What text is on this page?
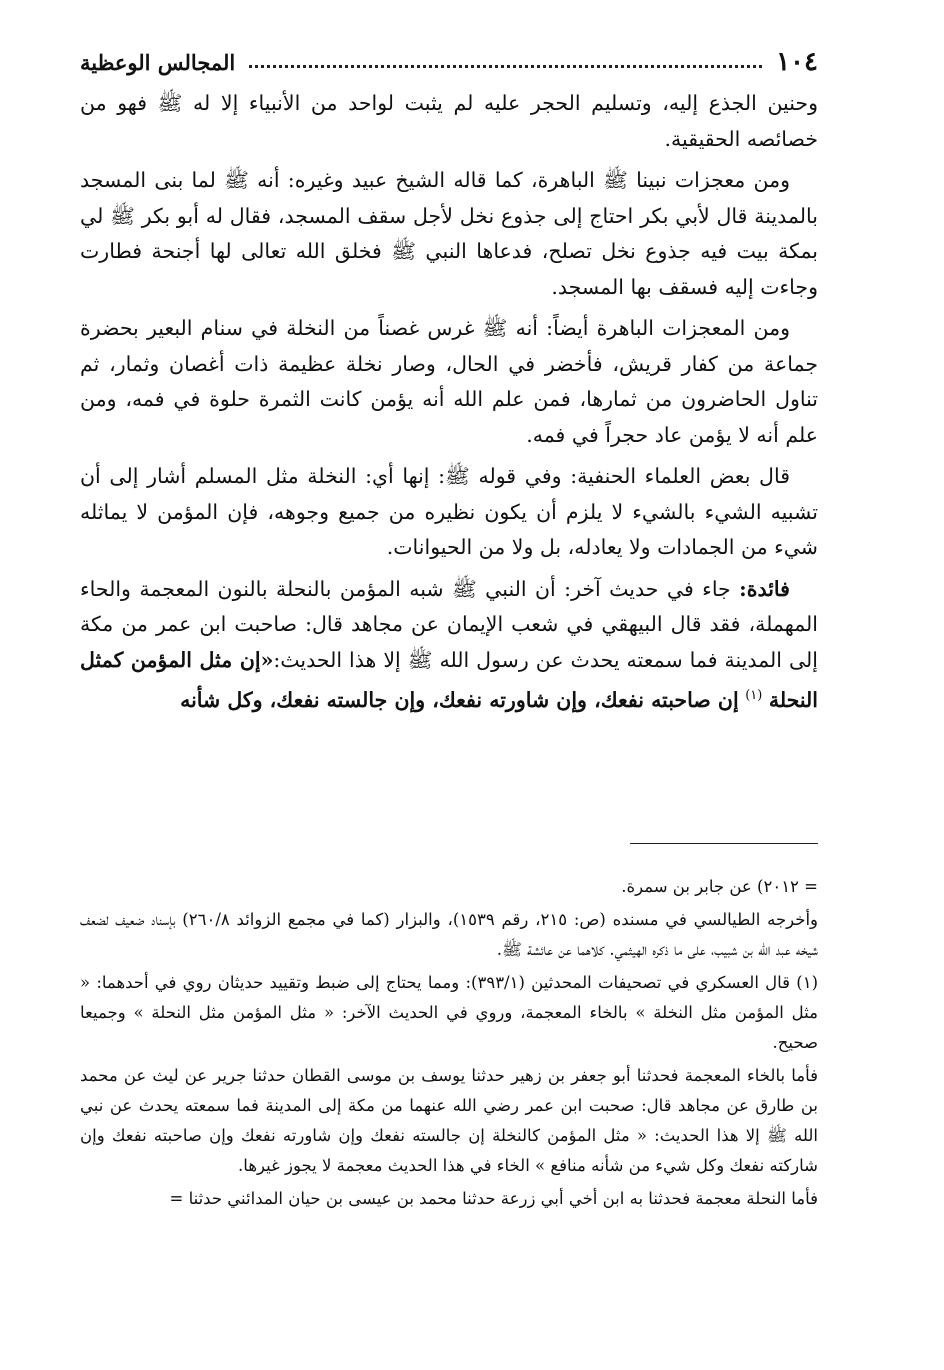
١٠٤
المجالس الوعظية

وحنين الجذع إليه، وتسليم الحجر عليه لم يثبت لواحد من الأنبياء إلا له ﷺ فهو من خصائصه الحقيقية.

ومن معجزات نبينا ﷺ الباهرة، كما قاله الشيخ عبيد وغيره: أنه ﷺ لما بنى المسجد بالمدينة قال لأبي بكر احتاج إلى جذوع نخل لأجل سقف المسجد، فقال له أبو بكر ﷺ لي بمكة بيت فيه جذوع نخل تصلح، فدعاها النبي ﷺ فخلق الله تعالى لها أجنحة فطارت وجاءت إليه فسقف بها المسجد.

ومن المعجزات الباهرة أيضاً: أنه ﷺ غرس غصناً من النخلة في سنام البعير بحضرة جماعة من كفار قريش، فأخضر في الحال، وصار نخلة عظيمة ذات أغصان وثمار، ثم تناول الحاضرون من ثمارها، فمن علم الله أنه يؤمن كانت الثمرة حلوة في فمه، ومن علم أنه لا يؤمن عاد حجراً في فمه.

قال بعض العلماء الحنفية: وفي قوله ﷺ: إنها أي: النخلة مثل المسلم أشار إلى أن تشبيه الشيء بالشيء لا يلزم أن يكون نظيره من جميع وجوهه، فإن المؤمن لا يماثله شيء من الجمادات ولا يعادله، بل ولا من الحيوانات.

فائدة: جاء في حديث آخر: أن النبي ﷺ شبه المؤمن بالنحلة بالنون المعجمة والحاء المهملة، فقد قال البيهقي في شعب الإيمان عن مجاهد قال: صاحبت ابن عمر من مكة إلى المدينة فما سمعته يحدث عن رسول الله ﷺ إلا هذا الحديث:«إن مثل المؤمن كمثل النحلة $^{(١)}$ إن صاحبته نفعك، وإن شاورته نفعك، وإن جالسته نفعك، وكل شأنه

= ٢٠١٢) عن جابر بن سمرة.

وأخرجه الطيالسي في مسنده (ص: ٢١٥، رقم ١٥٣٩)، والبزار (كما في مجمع الزوائد ٢٦٠/٨) بإسناد ضعيف لضعف شيخه عبد الله بن شبيب، على ما ذكره الهيثمي. كلاهما عن عائشة ﷺ.

(١) قال العسكري في تصحيفات المحدثين (٣٩٣/١): ومما يحتاج إلى ضبط وتقييد حديثان روي في أحدهما: « مثل المؤمن مثل النخلة » بالخاء المعجمة، وروي في الحديث الآخر: « مثل المؤمن مثل النحلة » وجميعا صحيح.

فأما بالخاء المعجمة فحدثنا أبو جعفر بن زهير حدثنا يوسف بن موسى القطان حدثنا جرير عن ليث عن محمد بن طارق عن مجاهد قال: صحبت ابن عمر رضي الله عنهما من مكة إلى المدينة فما سمعته يحدث عن نبي الله ﷺ إلا هذا الحديث: « مثل المؤمن كالنخلة إن جالسته نفعك وإن شاورته نفعك وإن صاحبته نفعك وإن شاركته نفعك وكل شيء من شأنه منافع » الخاء في هذا الحديث معجمة لا يجوز غيرها.

فأما النحلة معجمة فحدثنا به ابن أخي أبي زرعة حدثنا محمد بن عيسى بن حيان المدائني حدثنا =
